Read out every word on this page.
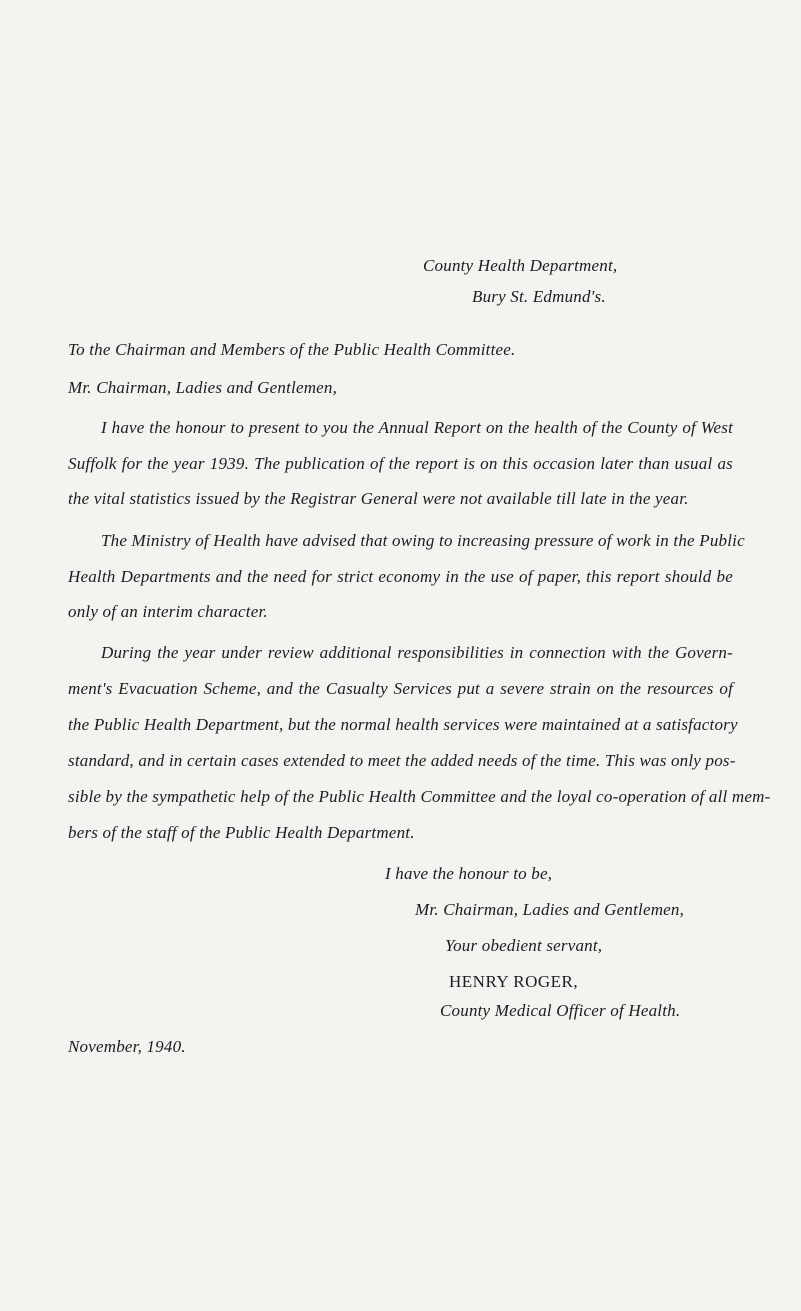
County Health Department,
Bury St. Edmund's.
To the Chairman and Members of the Public Health Committee.
Mr. Chairman, Ladies and Gentlemen,
I have the honour to present to you the Annual Report on the health of the County of West
Suffolk for the year 1939. The publication of the report is on this occasion later than usual as
the vital statistics issued by the Registrar General were not available till late in the year.
The Ministry of Health have advised that owing to increasing pressure of work in the Public
Health Departments and the need for strict economy in the use of paper, this report should be
only of an interim character.
During the year under review additional responsibilities in connection with the Govern-
ment's Evacuation Scheme, and the Casualty Services put a severe strain on the resources of
the Public Health Department, but the normal health services were maintained at a satisfactory
standard, and in certain cases extended to meet the added needs of the time. This was only pos-
sible by the sympathetic help of the Public Health Committee and the loyal co-operation of all mem-
bers of the staff of the Public Health Department.
I have the honour to be,
Mr. Chairman, Ladies and Gentlemen,
Your obedient servant,
HENRY ROGER,
County Medical Officer of Health.
November, 1940.
